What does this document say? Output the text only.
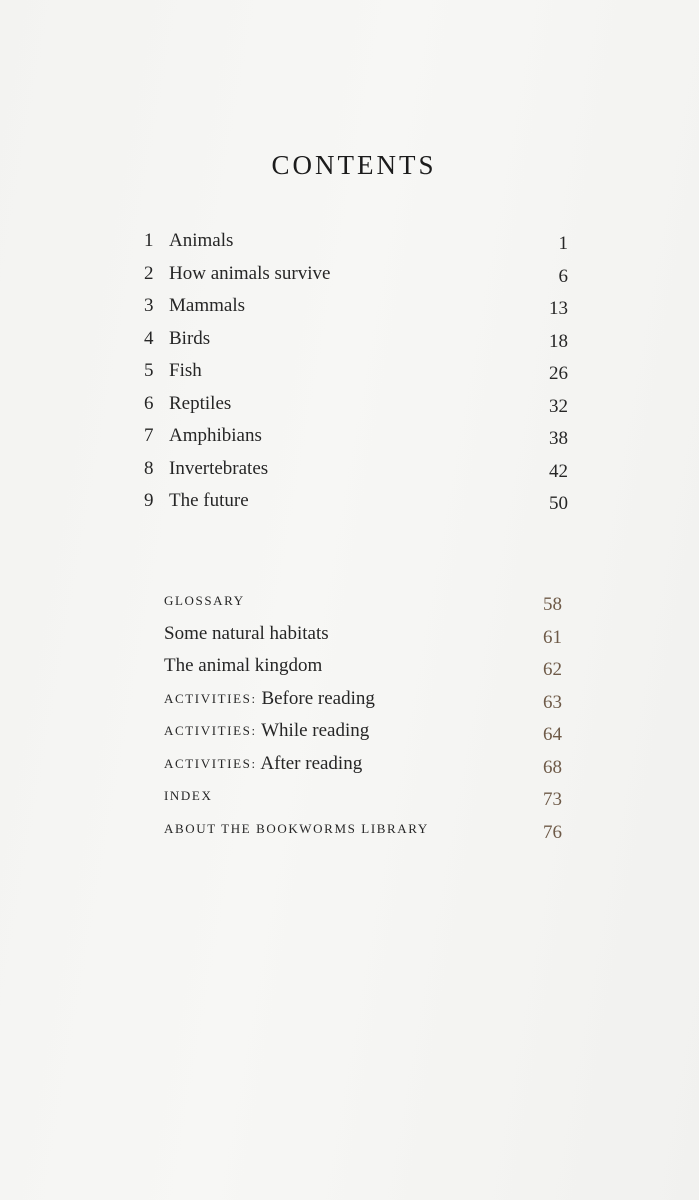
CONTENTS
1 Animals	1
2 How animals survive	6
3 Mammals	13
4 Birds	18
5 Fish	26
6 Reptiles	32
7 Amphibians	38
8 Invertebrates	42
9 The future	50
GLOSSARY	58
Some natural habitats	61
The animal kingdom	62
ACTIVITIES: Before reading	63
ACTIVITIES: While reading	64
ACTIVITIES: After reading	68
INDEX	73
ABOUT THE BOOKWORMS LIBRARY	76
